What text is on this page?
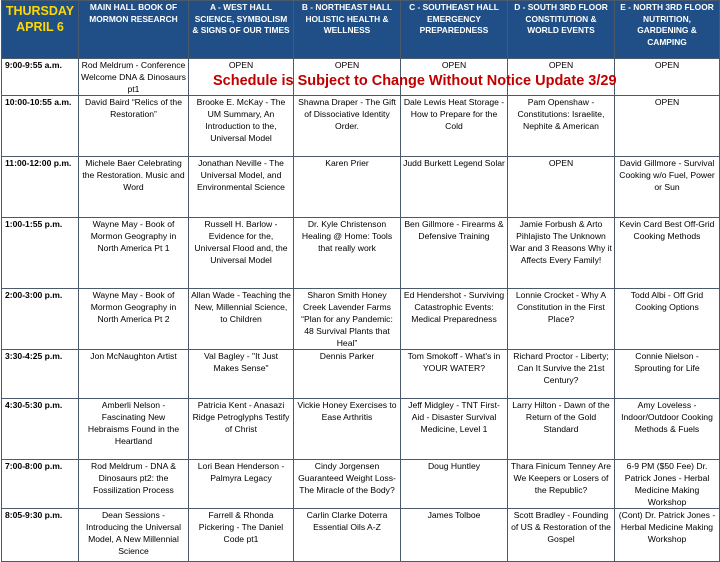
THURSDAY APRIL 6	MAIN HALL BOOK OF MORMON RESEARCH	A - WEST HALL SCIENCE, SYMBOLISM & SIGNS OF OUR TIMES	B - NORTHEAST HALL HOLISTIC HEALTH & WELLNESS	C - SOUTHEAST HALL EMERGENCY PREPAREDNESS	D - SOUTH 3RD FLOOR CONSTITUTION & WORLD EVENTS	E - NORTH 3RD FLOOR NUTRITION, GARDENING & CAMPING
9:00-9:55 a.m.	Rod Meldrum - Conference Welcome DNA & Dinosaurs pt1	OPEN	OPEN	OPEN	OPEN	OPEN
10:00-10:55 a.m.	David Baird “Relics of the Restoration”	Brooke E. McKay - The UM Summary, An Introduction to the, Universal Model	Shawna Draper - The Gift of Dissociative Identity Order.	Dale Lewis Heat Storage -How to Prepare for the Cold	Pam Openshaw - Constitutions: Israelite, Nephite & American	OPEN
11:00-12:00 p.m.	Michele Baer Celebrating the Restoration. Music and Word	Jonathan Neville - The Universal Model, and Environmental Science	Karen Prier	Judd Burkett Legend Solar	OPEN	David Gillmore - Survival Cooking w/o Fuel, Power or Sun
1:00-1:55 p.m.	Wayne May - Book of Mormon Geography in North America Pt 1	Russell H. Barlow - Evidence for the, Universal Flood and, the Universal Model	Dr. Kyle Christenson Healing @ Home: Tools that really work	Ben Gillmore - Firearms & Defensive Training	Jamie Forbush & Arto Pihlajisto The Unknown War and 3 Reasons Why it Affects Every Family!	Kevin Card Best Off-Grid Cooking Methods
2:00-3:00 p.m.	Wayne May - Book of Mormon Geography in North America Pt 2	Allan Wade - Teaching the New, Millennial Science, to Children	Sharon Smith Honey Creek Lavender Farms “Plan for any Pandemic: 48 Survival Plants that Heal”	Ed Hendershot - Surviving Catastrophic Events: Medical Preparedness	Lonnie Crocket - Why A Constitution in the First Place?	Todd Albi - Off Grid Cooking Options
3:30-4:25 p.m.	Jon McNaughton Artist	Val Bagley - "It Just Makes Sense"	Dennis Parker	Tom Smokoff - What's in YOUR WATER?	Richard Proctor - Liberty; Can It Survive the 21st Century?	Connie Nielson - Sprouting for Life
4:30-5:30 p.m.	Amberli Nelson - Fascinating New Hebraisms Found in the Heartland	Patricia Kent - Anasazi Ridge Petroglyphs Testify of Christ	Vickie Honey Exercises to Ease Arthritis	Jeff Midgley - TNT First-Aid - Disaster Survival Medicine, Level 1	Larry Hilton - Dawn of the Return of the Gold Standard	Amy Loveless - Indoor/Outdoor Cooking Methods & Fuels
7:00-8:00 p.m.	Rod Meldrum - DNA & Dinosaurs pt2: the Fossilization Process	Lori Bean Henderson - Palmyra Legacy	Cindy Jorgensen Guaranteed Weight Loss- The Miracle of the Body?	Doug Huntley	Thara Finicum Tenney Are We Keepers or Losers of the Republic?	6-9 PM ($50 Fee) Dr. Patrick Jones - Herbal Medicine Making Workshop
8:05-9:30 p.m.	Dean Sessions - Introducing the Universal Model, A New Millennial Science	Farrell & Rhonda Pickering - The Daniel Code pt1	Carlin Clarke Doterra Essential Oils A-Z	James Tolboe	Scott Bradley - Founding of US & Restoration of the Gospel	(Cont) Dr. Patrick Jones - Herbal Medicine Making Workshop
Schedule is Subject to Change Without Notice Update 3/29
